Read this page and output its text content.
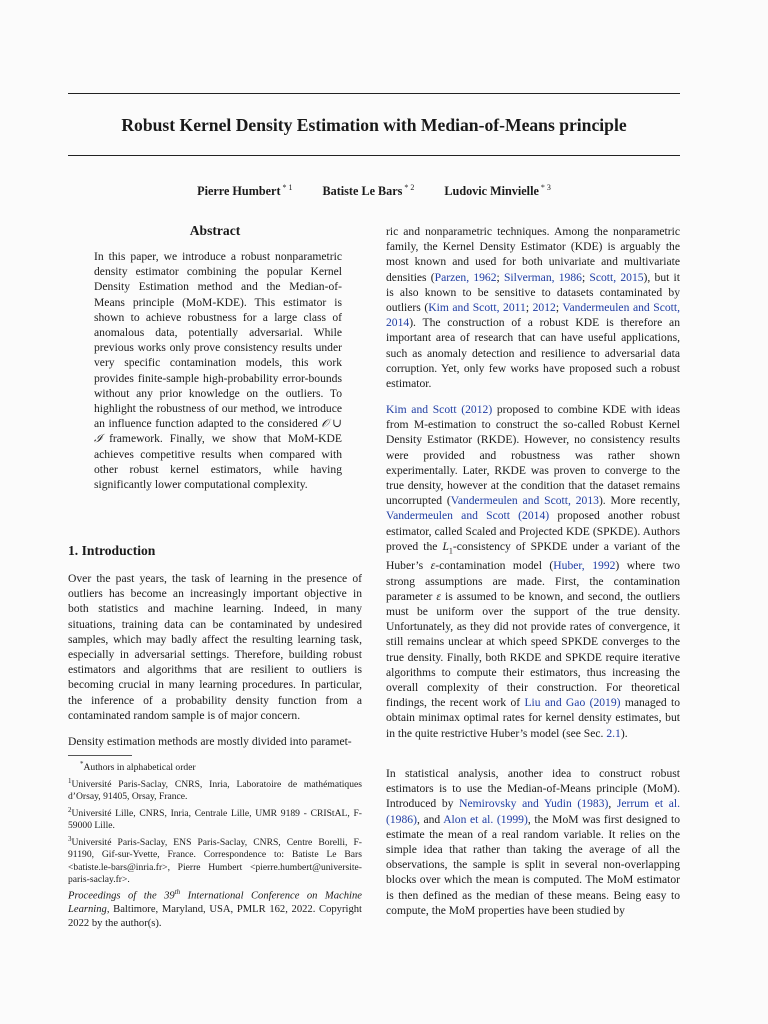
Robust Kernel Density Estimation with Median-of-Means principle
Pierre Humbert $^{* 1}$ Batiste Le Bars $^{* 2}$ Ludovic Minvielle $^{* 3}$
Abstract

In this paper, we introduce a robust nonparametric density estimator combining the popular Kernel Density Estimation method and the Median-of-Means principle (MoM-KDE). This estimator is shown to achieve robustness for a large class of anomalous data, potentially adversarial. While previous works only prove consistency results under very specific contamination models, this work provides finite-sample high-probability error-bounds without any prior knowledge on the outliers. To highlight the robustness of our method, we introduce an influence function adapted to the considered 𝒪 ∪ ℐ framework. Finally, we show that MoM-KDE achieves competitive results when compared with other robust kernel estimators, while having significantly lower computational complexity.

1. Introduction

Over the past years, the task of learning in the presence of outliers has become an increasingly important objective in both statistics and machine learning. Indeed, in many situations, training data can be contaminated by undesired samples, which may badly affect the resulting learning task, especially in adversarial settings. Therefore, building robust estimators and algorithms that are resilient to outliers is becoming crucial in many learning procedures. In particular, the inference of a probability density function from a contaminated random sample is of major concern.

Density estimation methods are mostly divided into paramet-

*Authors in alphabetical order
$^1$Université Paris-Saclay, CNRS, Inria, Laboratoire de mathématiques d’Orsay, 91405, Orsay, France.
$^2$Université Lille, CNRS, Inria, Centrale Lille, UMR 9189 - CRIStAL, F-59000 Lille.
$^3$Université Paris-Saclay, ENS Paris-Saclay, CNRS, Centre Borelli, F-91190, Gif-sur-Yvette, France. Correspondence to: Batiste Le Bars <batiste.le-bars@inria.fr>, Pierre Humbert <pierre.humbert@universite-paris-saclay.fr>.

Proceedings of the 39th International Conference on Machine Learning, Baltimore, Maryland, USA, PMLR 162, 2022. Copyright 2022 by the author(s).

ric and nonparametric techniques. Among the nonparametric family, the Kernel Density Estimator (KDE) is arguably the most known and used for both univariate and multivariate densities (Parzen, 1962; Silverman, 1986; Scott, 2015), but it is also known to be sensitive to datasets contaminated by outliers (Kim and Scott, 2011; 2012; Vandermeulen and Scott, 2014). The construction of a robust KDE is therefore an important area of research that can have useful applications, such as anomaly detection and resilience to adversarial data corruption. Yet, only few works have proposed such a robust estimator.

Kim and Scott (2012) proposed to combine KDE with ideas from M-estimation to construct the so-called Robust Kernel Density Estimator (RKDE). However, no consistency results were provided and robustness was rather shown experimentally. Later, RKDE was proven to converge to the true density, however at the condition that the dataset remains uncorrupted (Vandermeulen and Scott, 2013). More recently, Vandermeulen and Scott (2014) proposed another robust estimator, called Scaled and Projected KDE (SPKDE). Authors proved the $L_1$-consistency of SPKDE under a variant of the Huber’s ε-contamination model (Huber, 1992) where two strong assumptions are made. First, the contamination parameter ε is assumed to be known, and second, the outliers must be uniform over the support of the true density. Unfortunately, as they did not provide rates of convergence, it still remains unclear at which speed SPKDE converges to the true density. Finally, both RKDE and SPKDE require iterative algorithms to compute their estimators, thus increasing the overall complexity of their construction. For theoretical findings, the recent work of Liu and Gao (2019) managed to obtain minimax optimal rates for kernel density estimates, but in the quite restrictive Huber’s model (see Sec. 2.1).

In statistical analysis, another idea to construct robust estimators is to use the Median-of-Means principle (MoM). Introduced by Nemirovsky and Yudin (1983), Jerrum et al. (1986), and Alon et al. (1999), the MoM was first designed to estimate the mean of a real random variable. It relies on the simple idea that rather than taking the average of all the observations, the sample is split in several non-overlapping blocks over which the mean is computed. The MoM estimator is then defined as the median of these means. Being easy to compute, the MoM properties have been studied by
